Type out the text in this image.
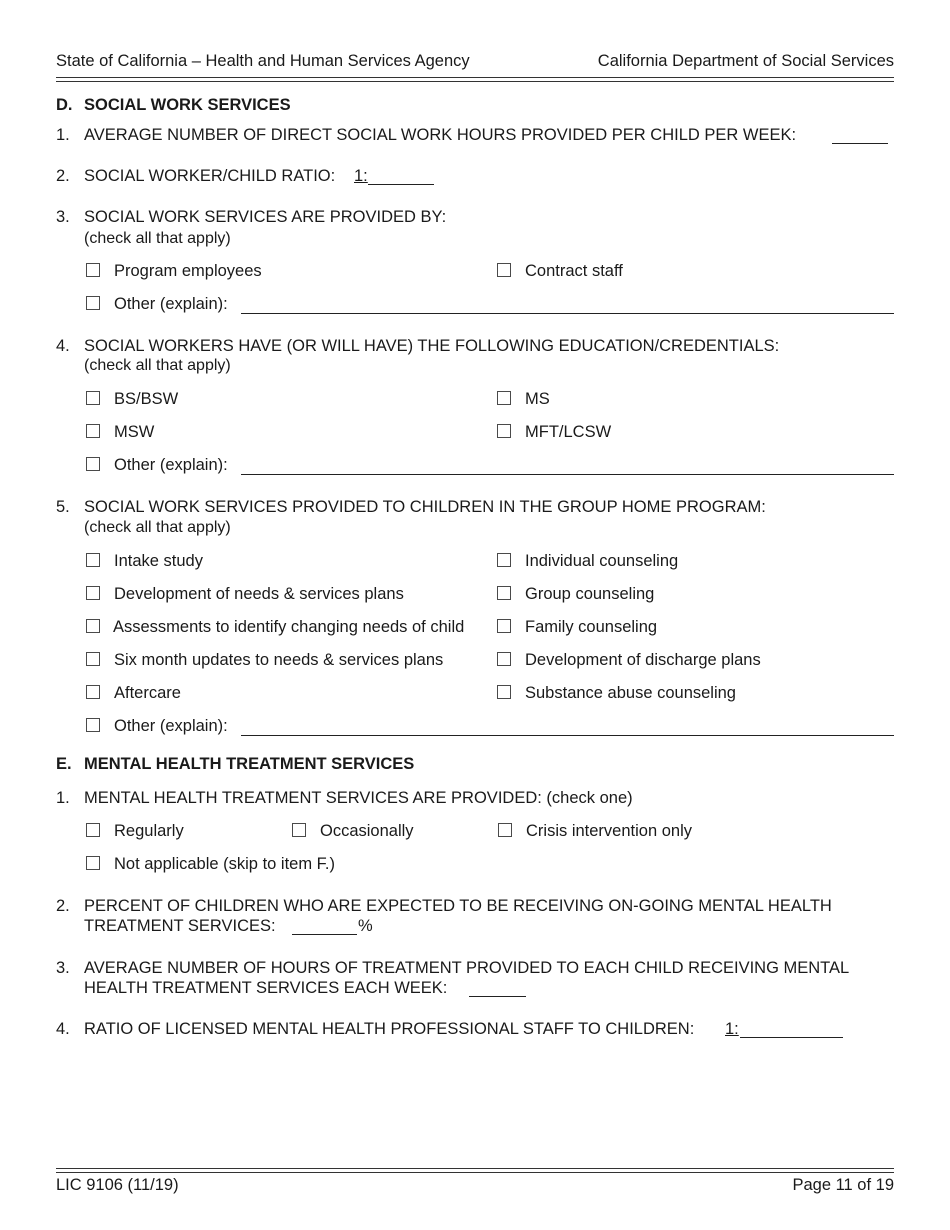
State of California – Health and Human Services Agency	California Department of Social Services
D. SOCIAL WORK SERVICES
1. AVERAGE NUMBER OF DIRECT SOCIAL WORK HOURS PROVIDED PER CHILD PER WEEK:
2. SOCIAL WORKER/CHILD RATIO: 1:
3. SOCIAL WORK SERVICES ARE PROVIDED BY:
(check all that apply)
Program employees	Contract staff
Other (explain):
4. SOCIAL WORKERS HAVE (OR WILL HAVE) THE FOLLOWING EDUCATION/CREDENTIALS:
(check all that apply)
BS/BSW	MS
MSW	MFT/LCSW
Other (explain):
5. SOCIAL WORK SERVICES PROVIDED TO CHILDREN IN THE GROUP HOME PROGRAM:
(check all that apply)
Intake study	Individual counseling
Development of needs & services plans	Group counseling
Assessments to identify changing needs of child	Family counseling
Six month updates to needs & services plans	Development of discharge plans
Aftercare	Substance abuse counseling
Other (explain):
E. MENTAL HEALTH TREATMENT SERVICES
1. MENTAL HEALTH TREATMENT SERVICES ARE PROVIDED: (check one)
Regularly	Occasionally	Crisis intervention only
Not applicable (skip to item F.)
2. PERCENT OF CHILDREN WHO ARE EXPECTED TO BE RECEIVING ON-GOING MENTAL HEALTH
TREATMENT SERVICES:	%
3. AVERAGE NUMBER OF HOURS OF TREATMENT PROVIDED TO EACH CHILD RECEIVING MENTAL
HEALTH TREATMENT SERVICES EACH WEEK:
4. RATIO OF LICENSED MENTAL HEALTH PROFESSIONAL STAFF TO CHILDREN: 1:
LIC 9106 (11/19)	Page 11 of 19
